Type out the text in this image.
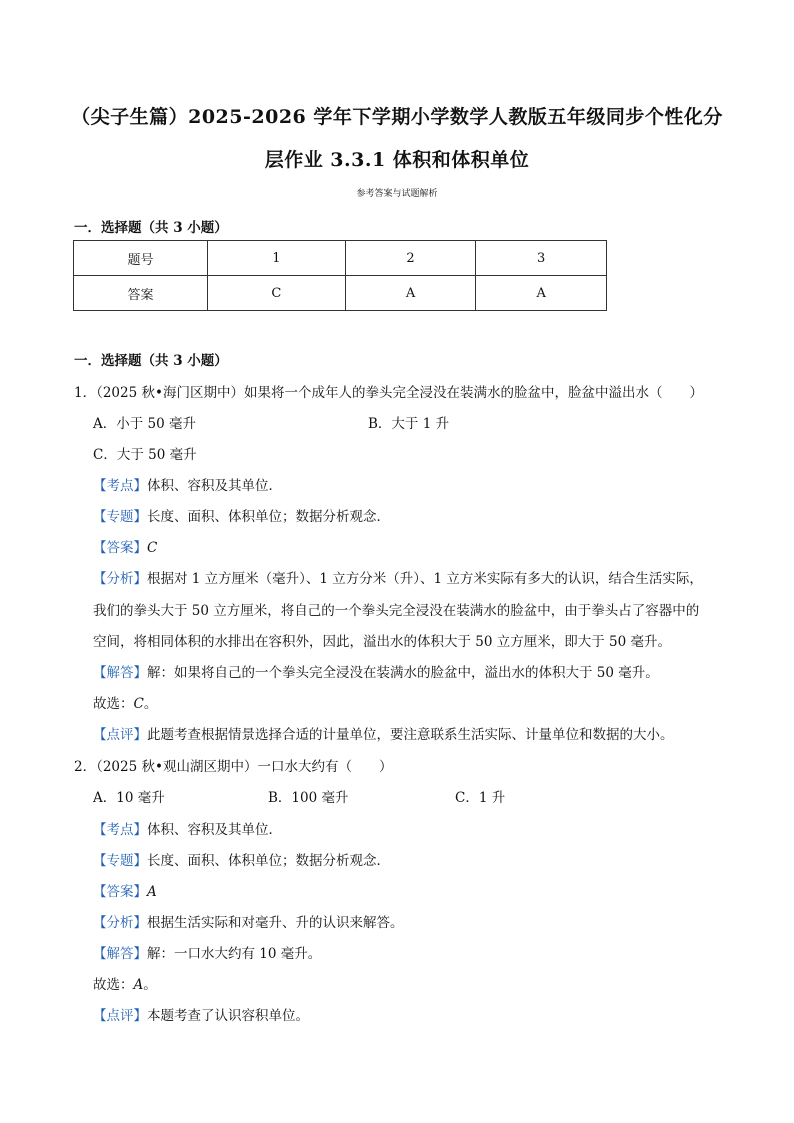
（尖子生篇）2025-2026 学年下学期小学数学人教版五年级同步个性化分
层作业 3.3.1 体积和体积单位
参考答案与试题解析
一．选择题（共 3 小题）
题号	1	2	3
答案	C	A	A
一．选择题（共 3 小题）
1．（2025 秋•海门区期中）如果将一个成年人的拳头完全浸没在装满水的脸盆中，脸盆中溢出水（　　）
A．小于 50 毫升	B．大于 1 升
C．大于 50 毫升
【考点】体积、容积及其单位．
【专题】长度、面积、体积单位；数据分析观念．
【答案】C
【分析】根据对 1 立方厘米（毫升）、1 立方分米（升）、1 立方米实际有多大的认识，结合生活实际，
我们的拳头大于 50 立方厘米，将自己的一个拳头完全浸没在装满水的脸盆中，由于拳头占了容器中的
空间，将相同体积的水排出在容积外，因此，溢出水的体积大于 50 立方厘米，即大于 50 毫升。
【解答】解：如果将自己的一个拳头完全浸没在装满水的脸盆中，溢出水的体积大于 50 毫升。
故选：C。
【点评】此题考查根据情景选择合适的计量单位，要注意联系生活实际、计量单位和数据的大小。
2．（2025 秋•观山湖区期中）一口水大约有（　　）
A．10 毫升	B．100 毫升	C．1 升
【考点】体积、容积及其单位．
【专题】长度、面积、体积单位；数据分析观念．
【答案】A
【分析】根据生活实际和对毫升、升的认识来解答。
【解答】解：一口水大约有 10 毫升。
故选：A。
【点评】本题考查了认识容积单位。
